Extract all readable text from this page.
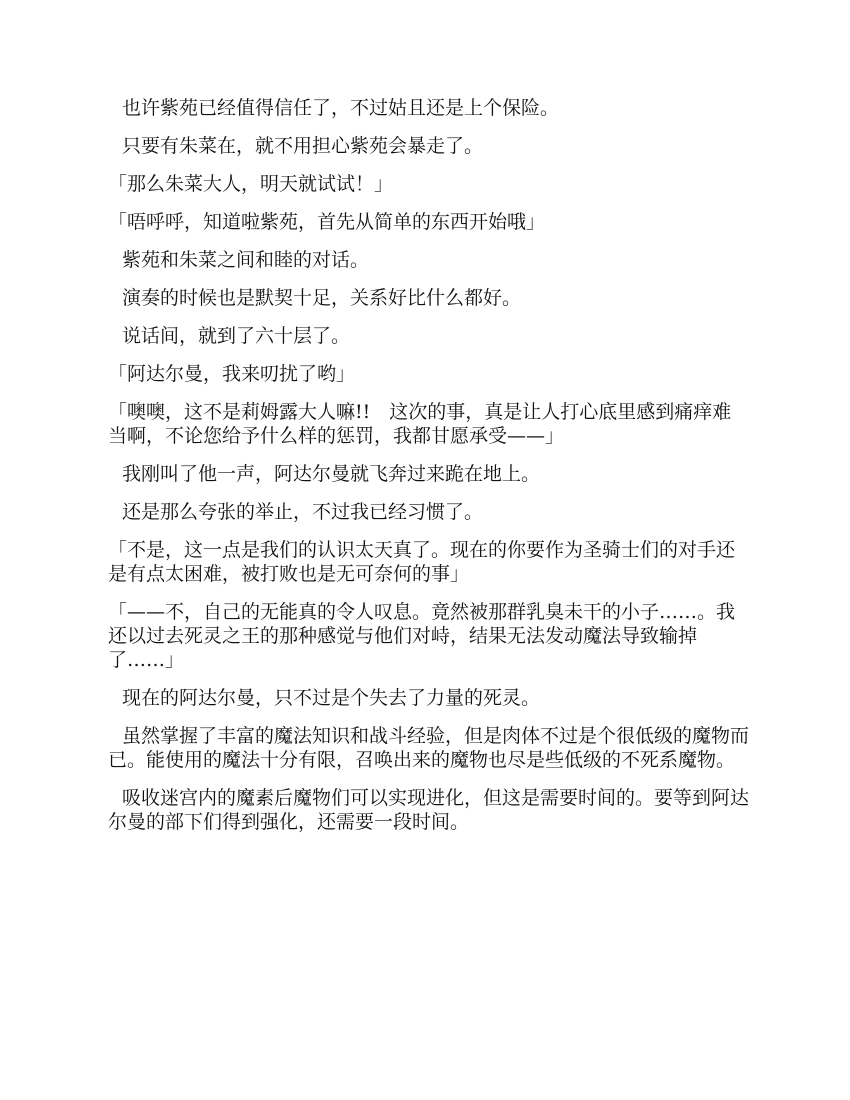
也许紫苑已经值得信任了，不过姑且还是上个保险。

只要有朱菜在，就不用担心紫苑会暴走了。

「那么朱菜大人，明天就试试！」

「唔呼呼，知道啦紫苑，首先从简单的东西开始哦」

紫苑和朱菜之间和睦的对话。

演奏的时候也是默契十足，关系好比什么都好。

说话间，就到了六十层了。

「阿达尔曼，我来叨扰了哟」

「噢噢，这不是莉姆露大人嘛!!　这次的事，真是让人打心底里感到痛痒难当啊，不论您给予什么样的惩罚，我都甘愿承受——」

我刚叫了他一声，阿达尔曼就飞奔过来跪在地上。

还是那么夸张的举止，不过我已经习惯了。

「不是，这一点是我们的认识太天真了。现在的你要作为圣骑士们的对手还是有点太困难，被打败也是无可奈何的事」

「——不，自己的无能真的令人叹息。竟然被那群乳臭未干的小子……。我还以过去死灵之王的那种感觉与他们对峙，结果无法发动魔法导致输掉了……」

现在的阿达尔曼，只不过是个失去了力量的死灵。

虽然掌握了丰富的魔法知识和战斗经验，但是肉体不过是个很低级的魔物而已。能使用的魔法十分有限，召唤出来的魔物也尽是些低级的不死系魔物。

吸收迷宫内的魔素后魔物们可以实现进化，但这是需要时间的。要等到阿达尔曼的部下们得到强化，还需要一段时间。
